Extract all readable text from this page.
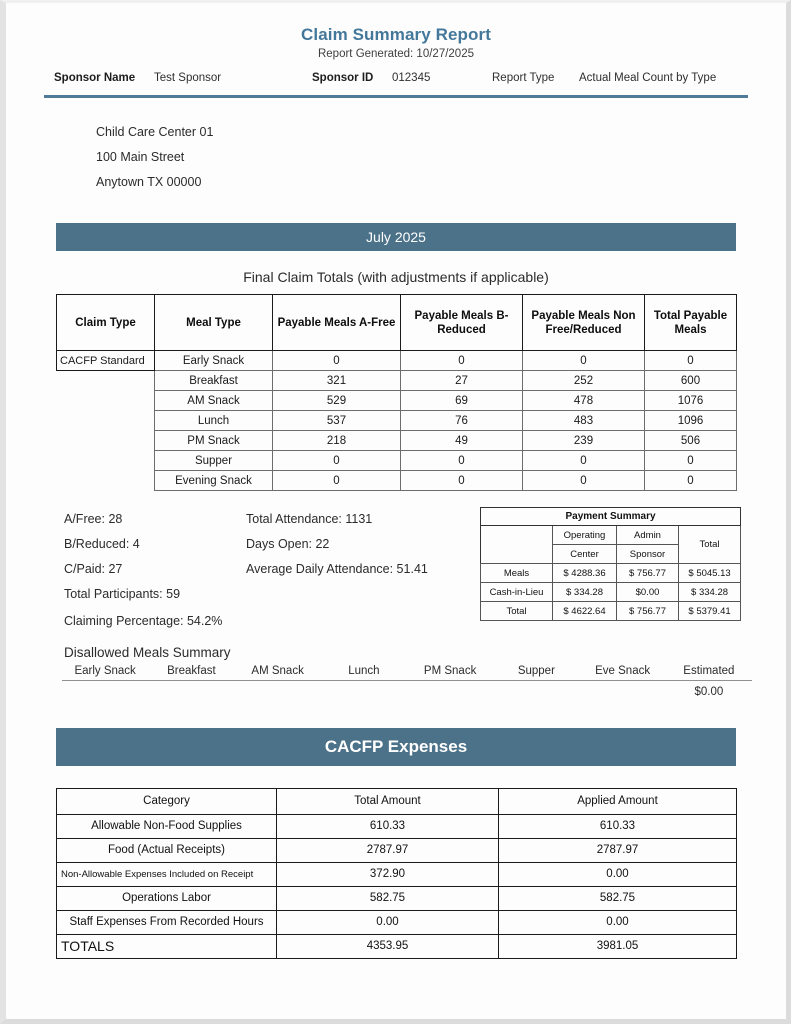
Claim Summary Report
Report Generated: 10/27/2025
Sponsor Name Test Sponsor	Sponsor ID 012345	Report Type Actual Meal Count by Type
Child Care Center 01
100 Main Street
Anytown TX 00000
July 2025
Final Claim Totals (with adjustments if applicable)
Claim Type	Meal Type	Payable Meals A-Free	Payable Meals B-Reduced	Payable Meals Non Free/Reduced	Total Payable Meals
CACFP Standard	Early Snack	0	0	0	0
	Breakfast	321	27	252	600
	AM Snack	529	69	478	1076
	Lunch	537	76	483	1096
	PM Snack	218	49	239	506
	Supper	0	0	0	0
	Evening Snack	0	0	0	0
A/Free: 28
B/Reduced: 4
C/Paid: 27
Total Participants: 59
Total Attendance: 1131
Days Open: 22
Average Daily Attendance: 51.41
Claiming Percentage: 54.2%
Payment Summary			
	Operating	Admin	Total
	Center	Sponsor	
Meals	$ 4288.36	$ 756.77	$ 5045.13
Cash-in-Lieu	$ 334.28	$0.00	$ 334.28
Total	$ 4622.64	$ 756.77	$ 5379.41
Disallowed Meals Summary
Early Snack	Breakfast	AM Snack	Lunch	PM Snack	Supper	Eve Snack	Estimated
							$0.00
CACFP Expenses
Category	Total Amount	Applied Amount
Allowable Non-Food Supplies	610.33	610.33
Food (Actual Receipts)	2787.97	2787.97
Non-Allowable Expenses Included on Receipt	372.90	0.00
Operations Labor	582.75	582.75
Staff Expenses From Recorded Hours	0.00	0.00
TOTALS	4353.95	3981.05
